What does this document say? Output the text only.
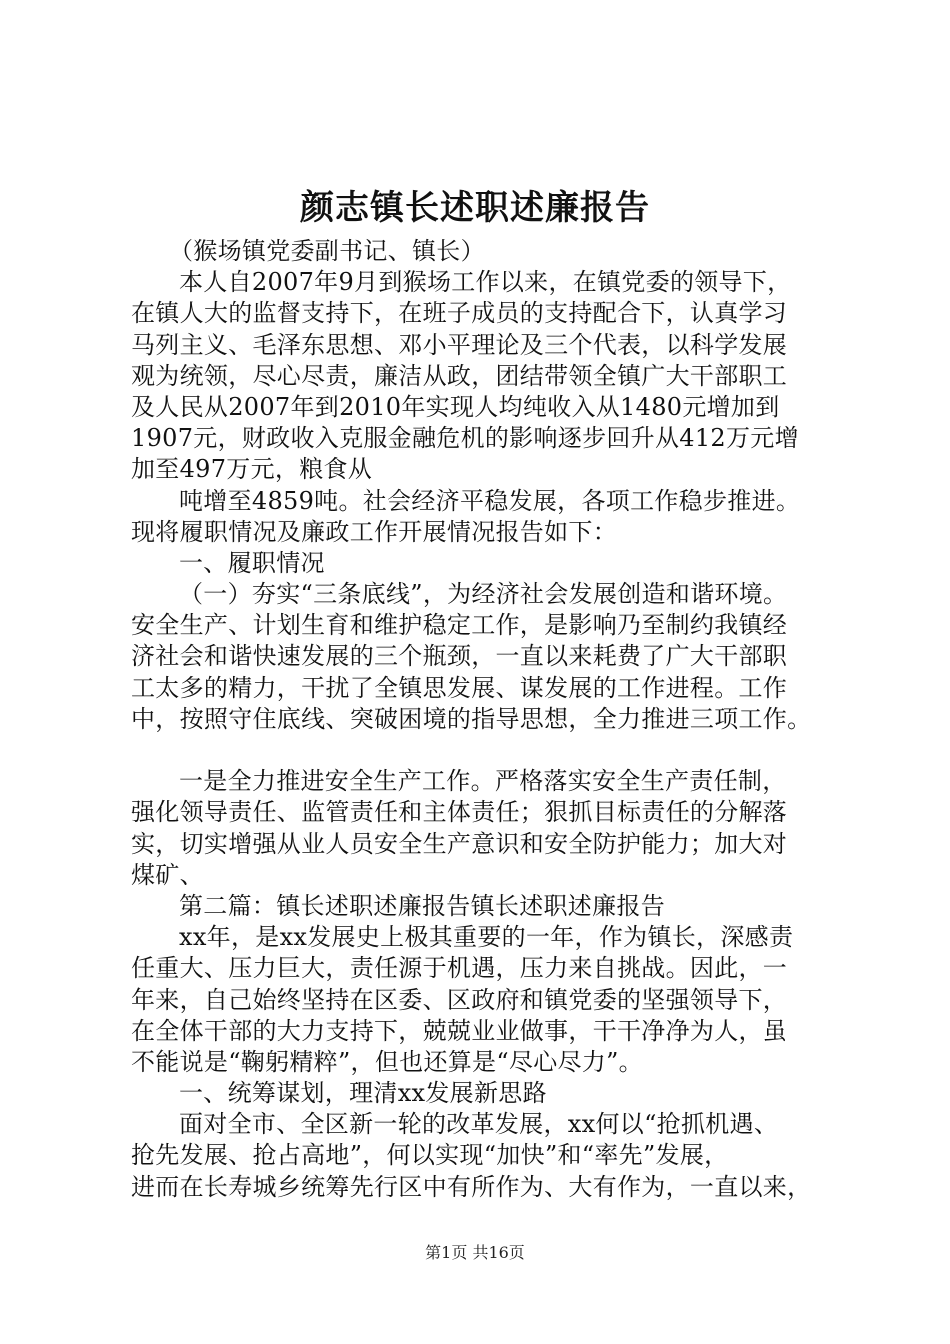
颜志镇长述职述廉报告
（猴场镇党委副书记、镇长）
本人自2007年9月到猴场工作以来，在镇党委的领导下，
在镇人大的监督支持下，在班子成员的支持配合下，认真学习
马列主义、毛泽东思想、邓小平理论及三个代表，以科学发展
观为统领，尽心尽责，廉洁从政，团结带领全镇广大干部职工
及人民从2007年到2010年实现人均纯收入从1480元增加到
1907元，财政收入克服金融危机的影响逐步回升从412万元增
加至497万元，粮食从
吨增至4859吨。社会经济平稳发展，各项工作稳步推进。
现将履职情况及廉政工作开展情况报告如下：
一、履职情况
（一）夯实“三条底线”，为经济社会发展创造和谐环境。
安全生产、计划生育和维护稳定工作，是影响乃至制约我镇经
济社会和谐快速发展的三个瓶颈，一直以来耗费了广大干部职
工太多的精力，干扰了全镇思发展、谋发展的工作进程。工作
中，按照守住底线、突破困境的指导思想，全力推进三项工作。
一是全力推进安全生产工作。严格落实安全生产责任制，
强化领导责任、监管责任和主体责任；狠抓目标责任的分解落
实，切实增强从业人员安全生产意识和安全防护能力；加大对
煤矿、
第二篇：镇长述职述廉报告镇长述职述廉报告
xx年，是xx发展史上极其重要的一年，作为镇长，深感责
任重大、压力巨大，责任源于机遇，压力来自挑战。因此，一
年来，自己始终坚持在区委、区政府和镇党委的坚强领导下，
在全体干部的大力支持下，兢兢业业做事，干干净净为人，虽
不能说是“鞠躬精粹”，但也还算是“尽心尽力”。
一、统筹谋划，理清xx发展新思路
面对全市、全区新一轮的改革发展，xx何以“抢抓机遇、
抢先发展、抢占高地”，何以实现“加快”和“率先”发展，
进而在长寿城乡统筹先行区中有所作为、大有作为，一直以来，
第1页 共16页
